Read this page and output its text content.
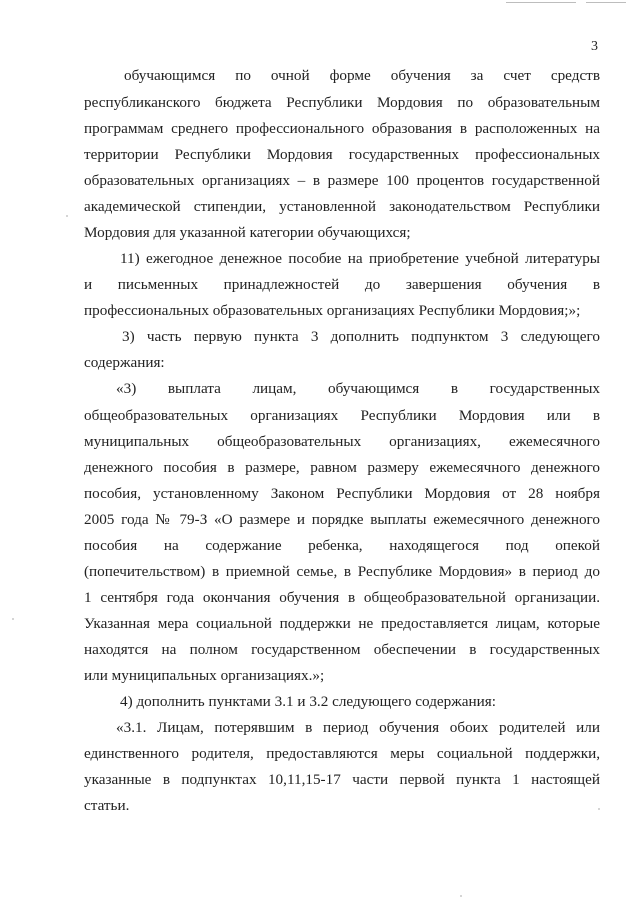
3
обучающимся по очной форме обучения за счет средств
республиканского бюджета Республики Мордовия по образовательным
программам среднего профессионального образования в расположенных на
территории Республики Мордовия государственных профессиональных
образовательных организациях – в размере 100 процентов государственной
академической стипендии, установленной законодательством Республики
Мордовия для указанной категории обучающихся;
11) ежегодное денежное пособие на приобретение учебной литературы
и письменных принадлежностей до завершения обучения в
профессиональных образовательных организациях Республики Мордовия;»;
3) часть первую пункта 3 дополнить подпунктом 3 следующего
содержания:
«3) выплата лицам, обучающимся в государственных
общеобразовательных организациях Республики Мордовия или в
муниципальных общеобразовательных организациях, ежемесячного
денежного пособия в размере, равном размеру ежемесячного денежного
пособия, установленному Законом Республики Мордовия от 28 ноября
2005 года № 79-З «О размере и порядке выплаты ежемесячного денежного
пособия на содержание ребенка, находящегося под опекой
(попечительством) в приемной семье, в Республике Мордовия» в период до
1 сентября года окончания обучения в общеобразовательной организации.
Указанная мера социальной поддержки не предоставляется лицам, которые
находятся на полном государственном обеспечении в государственных
или муниципальных организациях.»;
4) дополнить пунктами 3.1 и 3.2 следующего содержания:
«3.1. Лицам, потерявшим в период обучения обоих родителей или
единственного родителя, предоставляются меры социальной поддержки,
указанные в подпунктах 10,11,15-17 части первой пункта 1 настоящей
статьи.
